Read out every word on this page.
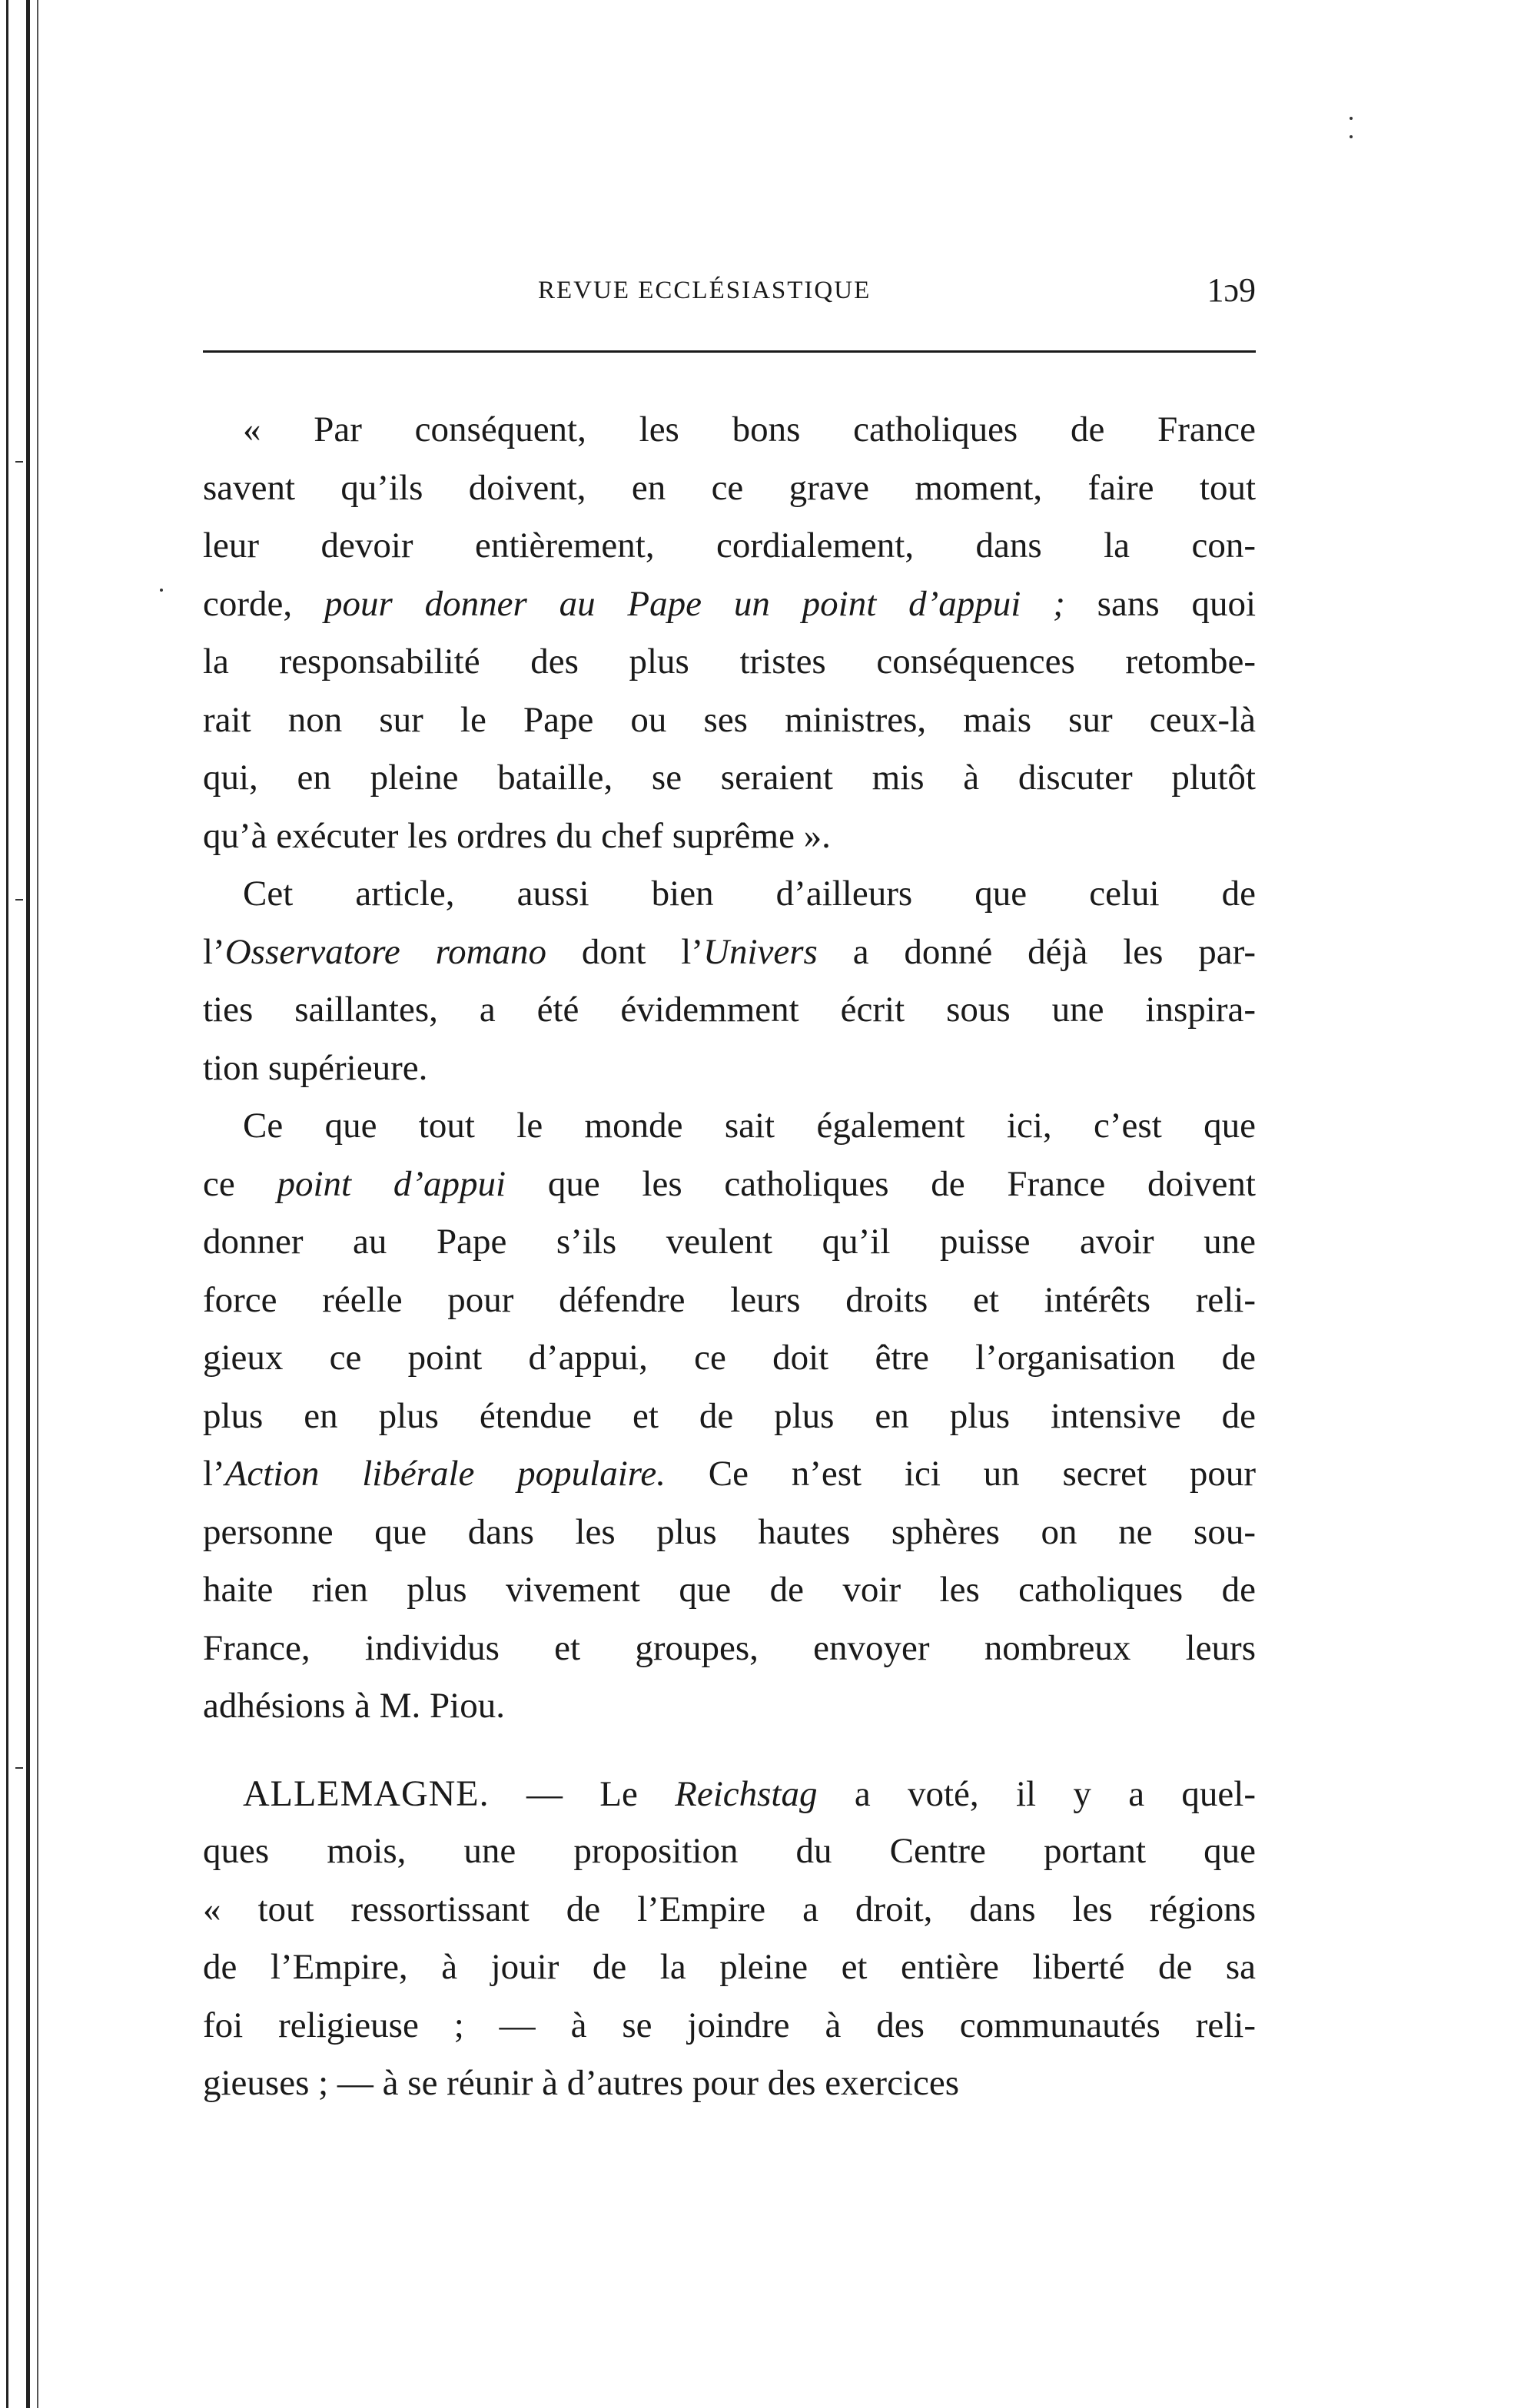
REVUE ECCLÉSIASTIQUE	1ɔ9
« Par conséquent, les bons catholiques de France
savent qu’ils doivent, en ce grave moment, faire tout
leur devoir entièrement, cordialement, dans la con-
corde, pour donner au Pape un point d’appui ; sans quoi
la responsabilité des plus tristes conséquences retombe-
rait non sur le Pape ou ses ministres, mais sur ceux-là
qui, en pleine bataille, se seraient mis à discuter plutôt
qu’à exécuter les ordres du chef suprême ».
Cet article, aussi bien d’ailleurs que celui de
l’Osservatore romano dont l’Univers a donné déjà les par-
ties saillantes, a été évidemment écrit sous une inspira-
tion supérieure.
Ce que tout le monde sait également ici, c’est que
ce point d’appui que les catholiques de France doivent
donner au Pape s’ils veulent qu’il puisse avoir une
force réelle pour défendre leurs droits et intérêts reli-
gieux ce point d’appui, ce doit être l’organisation de
plus en plus étendue et de plus en plus intensive de
l’Action libérale populaire. Ce n’est ici un secret pour
personne que dans les plus hautes sphères on ne sou-
haite rien plus vivement que de voir les catholiques de
France, individus et groupes, envoyer nombreux leurs
adhésions à M. Piou.
ALLEMAGNE. — Le Reichstag a voté, il y a quel-
ques mois, une proposition du Centre portant que
« tout ressortissant de l’Empire a droit, dans les régions
de l’Empire, à jouir de la pleine et entière liberté de sa
foi religieuse ; — à se joindre à des communautés reli-
gieuses ; — à se réunir à d’autres pour des exercices
